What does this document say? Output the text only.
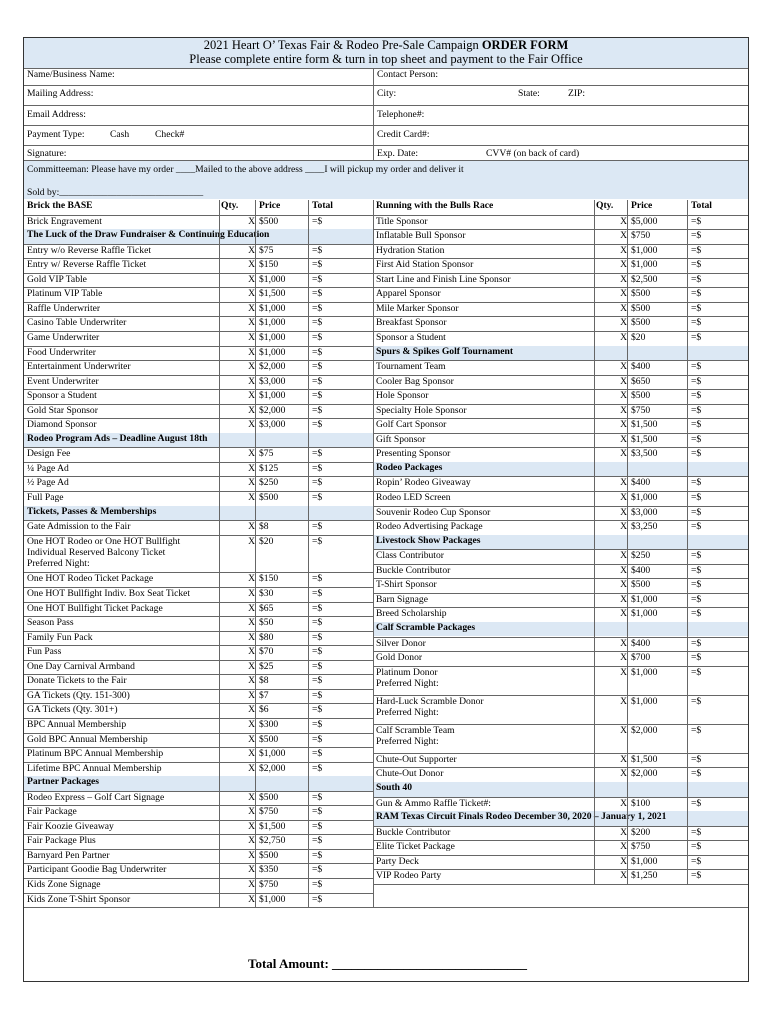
2021 Heart O’ Texas Fair & Rodeo Pre-Sale Campaign ORDER FORM
Please complete entire form & turn in top sheet and payment to the Fair Office
Name/Business Name:	Contact Person:
Mailing Address:	City:	State:	ZIP:
Email Address:	Telephone#:
Payment Type:	Cash	Check#	Credit Card#:
Signature:	Exp. Date:	CVV# (on back of card)
Committeeman: Please have my order ____Mailed to the above address ____I will pickup my order and deliver it
Sold by:______________________________
Brick the BASE	Qty.	Price	Total
Brick Engravement	X $500	=$
The Luck of the Draw Fundraiser & Continuing Education
Entry w/o Reverse Raffle Ticket	X $75	=$
Entry w/ Reverse Raffle Ticket	X $150	=$
Gold VIP Table	X $1,000	=$
Platinum VIP Table	X $1,500	=$
Raffle Underwriter	X $1,000	=$
Casino Table Underwriter	X $1,000	=$
Game Underwriter	X $1,000	=$
Food Underwriter	X $1,000	=$
Entertainment Underwriter	X $2,000	=$
Event Underwriter	X $3,000	=$
Sponsor a Student	X $1,000	=$
Gold Star Sponsor	X $2,000	=$
Diamond Sponsor	X $3,000	=$
Rodeo Program Ads – Deadline August 18th
Design Fee	X $75	=$
¼ Page Ad	X $125	=$
½ Page Ad	X $250	=$
Full Page	X $500	=$
Tickets, Passes & Memberships
Gate Admission to the Fair	X $8	=$
One HOT Rodeo or One HOT Bullfight
Individual Reserved Balcony Ticket
Preferred Night:
X $20	=$
One HOT Rodeo Ticket Package	X $150	=$
One HOT Bullfight Indiv. Box Seat Ticket	X $30	=$
One HOT Bullfight Ticket Package	X $65	=$
Season Pass	X $50	=$
Family Fun Pack	X $80	=$
Fun Pass	X $70	=$
One Day Carnival Armband	X $25	=$
Donate Tickets to the Fair	X $8	=$
GA Tickets (Qty. 151-300)	X $7	=$
GA Tickets (Qty. 301+)	X $6	=$
BPC Annual Membership	X $300	=$
Gold BPC Annual Membership	X $500	=$
Platinum BPC Annual Membership	X $1,000	=$
Lifetime BPC Annual Membership	X $2,000	=$
Partner Packages
Rodeo Express – Golf Cart Signage	X $500	=$
Fair Package	X $750	=$
Fair Koozie Giveaway	X $1,500	=$
Fair Package Plus	X $2,750	=$
Barnyard Pen Partner	X $500	=$
Participant Goodie Bag Underwriter	X $350	=$
Kids Zone Signage	X $750	=$
Kids Zone T-Shirt Sponsor	X $1,000	=$
Running with the Bulls Race	Qty.	Price	Total
Title Sponsor	X $5,000	=$
Inflatable Bull Sponsor	X $750	=$
Hydration Station	X $1,000	=$
First Aid Station Sponsor	X $1,000	=$
Start Line and Finish Line Sponsor	X $2,500	=$
Apparel Sponsor	X $500	=$
Mile Marker Sponsor	X $500	=$
Breakfast Sponsor	X $500	=$
Sponsor a Student	X $20	=$
Spurs & Spikes Golf Tournament
Tournament Team	X $400	=$
Cooler Bag Sponsor	X $650	=$
Hole Sponsor	X $500	=$
Specialty Hole Sponsor	X $750	=$
Golf Cart Sponsor	X $1,500	=$
Gift Sponsor	X $1,500	=$
Presenting Sponsor	X $3,500	=$
Rodeo Packages
Ropin’ Rodeo Giveaway	X $400	=$
Rodeo LED Screen	X $1,000	=$
Souvenir Rodeo Cup Sponsor	X $3,000	=$
Rodeo Advertising Package	X $3,250	=$
Livestock Show Packages
Class Contributor	X $250	=$
Buckle Contributor	X $400	=$
T-Shirt Sponsor	X $500	=$
Barn Signage	X $1,000	=$
Breed Scholarship	X $1,000	=$
Calf Scramble Packages
Silver Donor	X $400	=$
Gold Donor	X $700	=$
Platinum Donor
Preferred Night:
X $1,000	=$
Hard-Luck Scramble Donor
Preferred Night:
X $1,000	=$
Calf Scramble Team
Preferred Night:
X $2,000	=$
Chute-Out Supporter	X $1,500	=$
Chute-Out Donor	X $2,000	=$
South 40
Gun & Ammo Raffle Ticket#:	X $100	=$
RAM Texas Circuit Finals Rodeo December 30, 2020 – January 1, 2021
Buckle Contributor	X $200	=$
Elite Ticket Package	X $750	=$
Party Deck	X $1,000	=$
VIP Rodeo Party	X $1,250	=$
Total Amount: ______________________________
